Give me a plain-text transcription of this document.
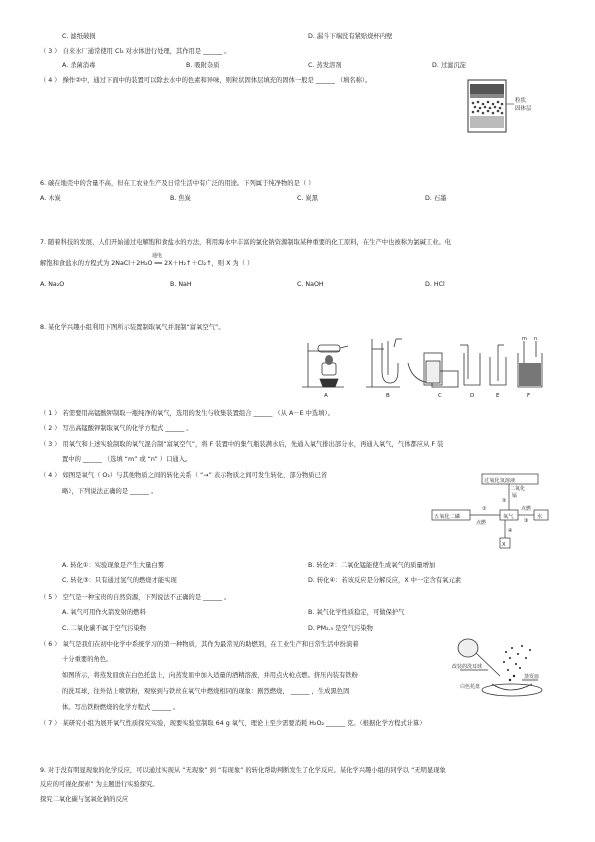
C. 滤纸破损	D. 漏斗下端没有紧贴烧杯内壁
（ 3 ） 自来水厂通常使用 Cl₂ 对水体进行处理，其作用是 ______ 。
A. 杀菌消毒	B. 吸附杂质	C. 蒸发溶剂	D. 过滤沉淀
（ 4 ） 操作②中，通过下面中的装置可以除去水中的色素和异味，则粒状固体层填充的固体一般是 ______ （填名称）。
粒状
固体层
6. 碳在地壳中的含量不高，但在工农业生产及日常生活中有广泛的用途。下列属于纯净物的是（ ）
A. 木炭	B. 焦炭	C. 炭黑	D. 石墨
7. 随着科技的发展，人们开始通过电解饱和食盐水的方法，利用海水中丰富的氯化钠资源制取某种重要的化工原料，在生产中也被称为氯碱工业。电
解饱和食盐水的方程式为 2NaCl＋2H₂O ══ 2X＋H₂↑＋Cl₂↑，则 X 为（ ）
通电
A. Na₂O	B. NaH	C. NaOH	D. HCl
8. 某化学兴趣小组利用下图所示装置制取氧气并混制“富氧空气”。
m n
A	B	C	D	E	F
（ 1 ） 若需要用高锰酸钾制取一瓶纯净的氧气，选用的发生与收集装置组合 ______ （从 A－E 中选填）。
（ 2 ） 写出高锰酸钾制取氧气的化学方程式 ______ 。
（ 3 ） 用氧气和上述实验制取的氧气混合制“富氧空气”，将 F 装置中的集气瓶装满水后，先通入氧气排出部分水，再通入氧气，气体都应从 F 装
置中的 ______ （选填 “m” 或 “n” ）口通入。
（ 4 ） 如图是氧气（ O₂）与其他物质之间的转化关系（ “→” 表示物质之间可发生转化，部分物质已省
略），下列说法正确的是 ______ 。
过氧化氢溶液
二氧化
锰
五氧化二磷
点燃
氧气
点燃
水
X
②
①
③
④
A. 转化①：实验现象是产生大量白雾	B. 转化②：二氧化锰能使生成氧气的质量增加
C. 转化③：只有通过氢气的燃烧才能实现	D. 转化④：若该反应是分解反应，X 中一定含有氧元素
（ 5 ） 空气是一种宝贵的自然资源，下列说法不正确的是 ______ 。
A. 氧气可用作火箭发射的燃料	B. 氧气化学性质稳定，可做保护气
C. 二氧化碳不属于空气污染物	D. PM₂.₅ 是空气污染物
（ 6 ） 氧气是我们在初中化学中系统学习的第一种物质，其作为最常见的助燃剂，在工业生产和日常生活中扮演着
十分重要的角色。
如图所示，将蒸发皿放在白色托盘上，向蒸发皿中加入适量的酒精溶液，并用点火枪点燃。挤压内装有铁粉
的洗耳球，往外钻上喷铁粉，观察到与铁丝在氧气中燃烧相同的现象：剧烈燃烧， ______ ，生成黑色固
体。写出铁粉燃烧的化学方程式 ______ 。
改装的洗耳球
白色托盘
蒸发皿
（ 7 ） 某研究小组为展开氧气性质探究实验，现要实验室制取 64 g 氧气，理论上至少需要消耗 H₂O₂ ______ 克。（根据化学方程式计算）
9. 对于没有明显现象的化学反应，可以通过实现从 “无现象” 到 “有现象” 的转化帮助判断发生了化学反应。某化学兴趣小组的同学以 “无明显现象
反应的可视化探索” 为主题进行实验探究。
探究二氧化碳与氢氧化钠的反应
